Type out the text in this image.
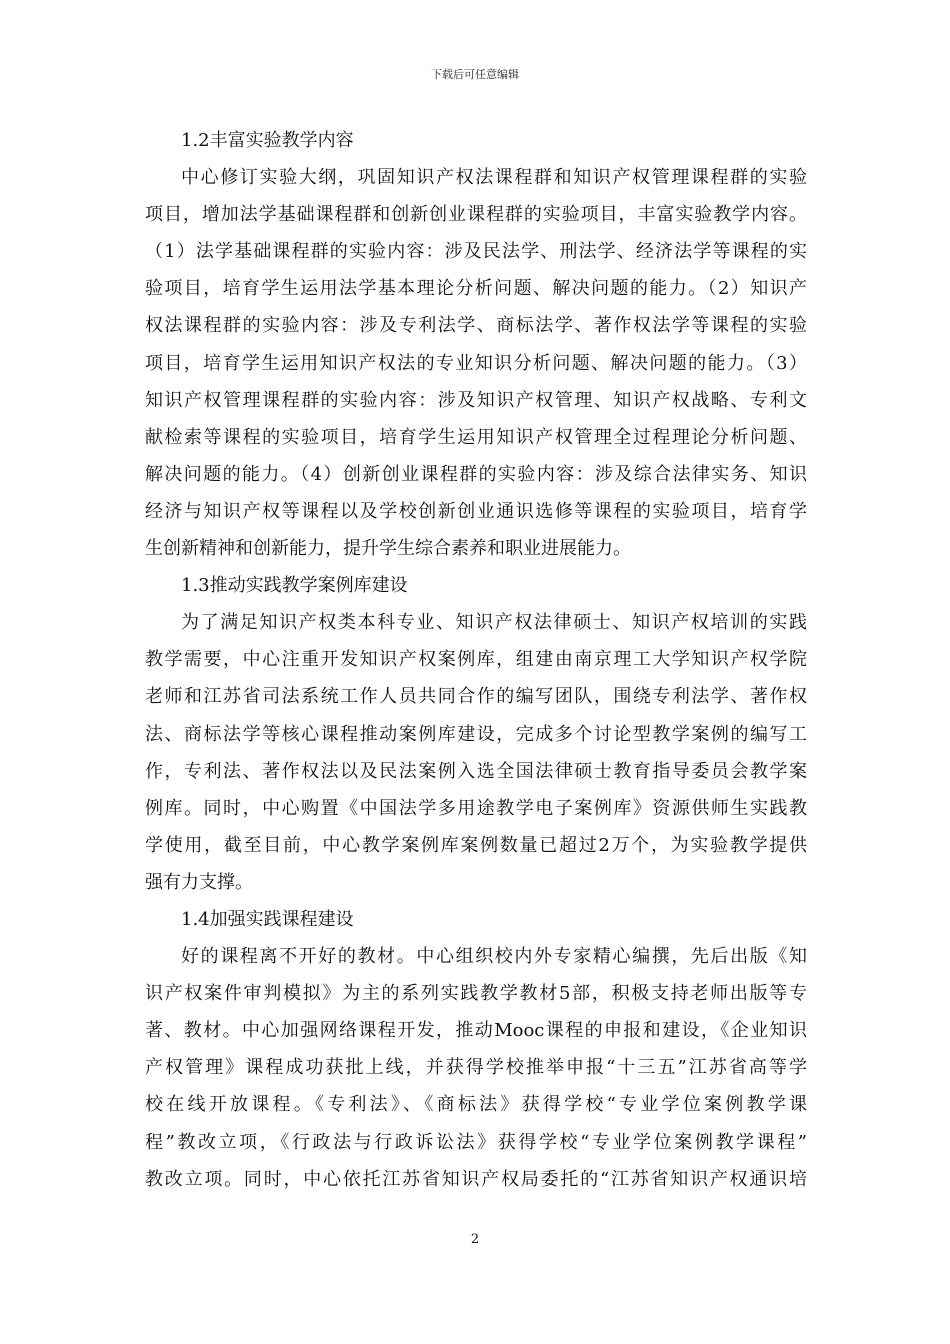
下载后可任意编辑
1.2丰富实验教学内容
中心修订实验大纲，巩固知识产权法课程群和知识产权管理课程群的实验
项目，增加法学基础课程群和创新创业课程群的实验项目，丰富实验教学内容。
（1）法学基础课程群的实验内容：涉及民法学、刑法学、经济法学等课程的实
验项目，培育学生运用法学基本理论分析问题、解决问题的能力。（2）知识产
权法课程群的实验内容：涉及专利法学、商标法学、著作权法学等课程的实验
项目，培育学生运用知识产权法的专业知识分析问题、解决问题的能力。（3）
知识产权管理课程群的实验内容：涉及知识产权管理、知识产权战略、专利文
献检索等课程的实验项目，培育学生运用知识产权管理全过程理论分析问题、
解决问题的能力。（4）创新创业课程群的实验内容：涉及综合法律实务、知识
经济与知识产权等课程以及学校创新创业通识选修等课程的实验项目，培育学
生创新精神和创新能力，提升学生综合素养和职业进展能力。
1.3推动实践教学案例库建设
为了满足知识产权类本科专业、知识产权法律硕士、知识产权培训的实践
教学需要，中心注重开发知识产权案例库，组建由南京理工大学知识产权学院
老师和江苏省司法系统工作人员共同合作的编写团队，围绕专利法学、著作权
法、商标法学等核心课程推动案例库建设，完成多个讨论型教学案例的编写工
作，专利法、著作权法以及民法案例入选全国法律硕士教育指导委员会教学案
例库。同时，中心购置《中国法学多用途教学电子案例库》资源供师生实践教
学使用，截至目前，中心教学案例库案例数量已超过2万个，为实验教学提供
强有力支撑。
1.4加强实践课程建设
好的课程离不开好的教材。中心组织校内外专家精心编撰，先后出版《知
识产权案件审判模拟》为主的系列实践教学教材5部，积极支持老师出版等专
著、教材。中心加强网络课程开发，推动Mooc课程的申报和建设，《企业知识
产权管理》课程成功获批上线，并获得学校推举申报“十三五”江苏省高等学
校在线开放课程。《专利法》、《商标法》获得学校“专业学位案例教学课
程”教改立项，《行政法与行政诉讼法》获得学校“专业学位案例教学课程”
教改立项。同时，中心依托江苏省知识产权局委托的“江苏省知识产权通识培
2
